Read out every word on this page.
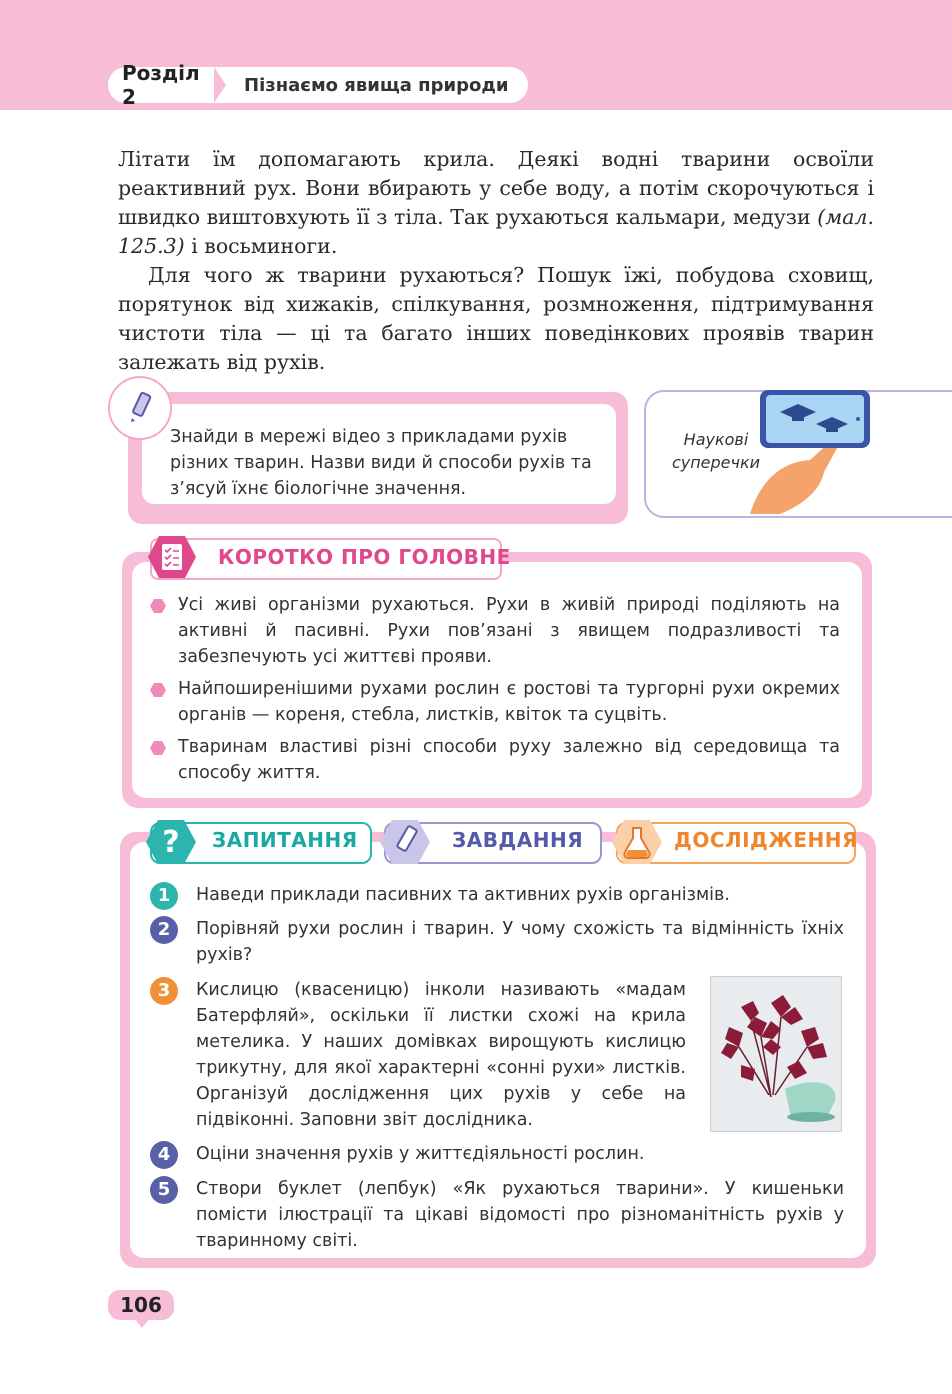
Розділ 2	Пізнаємо явища природи

Літати їм допомагають крила. Деякі водні тварини освоїли реактивний рух. Вони вбирають у себе воду, а потім скорочуються і швидко виштовхують її з тіла. Так рухаються кальмари, медузи (мал. 125.3) і восьминоги.

Для чого ж тварини рухаються? Пошук їжі, побудова сховищ, порятунок від хижаків, спілкування, розмноження, підтримування чистоти тіла — ці та багато інших поведінкових проявів тварин залежать від рухів.

Знайди в мережі відео з прикладами рухів різних тварин. Назви види й способи рухів та з’ясуй їхнє біологічне значення.
Наукові суперечки
КОРОТКО ПРО ГОЛОВНЕ
Усі живі організми рухаються. Рухи в живій природі поділяють на активні й пасивні. Рухи пов’язані з явищем подразливості та забезпечують усі життєві прояви.
Найпоширенішими рухами рослин є ростові та тургорні рухи окремих органів — кореня, стебла, листків, квіток та суцвіть.
Тваринам властиві різні способи руху залежно від середовища та способу життя.
? ЗАПИТАННЯ	ЗАВДАННЯ	ДОСЛІДЖЕННЯ
1	Наведи приклади пасивних та активних рухів організмів.
2	Порівняй рухи рослин і тварин. У чому схожість та відмінність їхніх рухів?
3	Кислицю (квасеницю) інколи називають «мадам Батерфляй», оскільки її листки схожі на крила метелика. У наших домівках вирощують кислицю трикутну, для якої характерні «сонні рухи» листків. Організуй дослідження цих рухів у себе на підвіконні. Заповни звіт дослідника.
4	Оціни значення рухів у життєдіяльності рослин.
5	Створи буклет (лепбук) «Як рухаються тварини». У кишеньки помісти ілюстрації та цікаві відомості про різноманітність рухів у тваринному світі.
106
